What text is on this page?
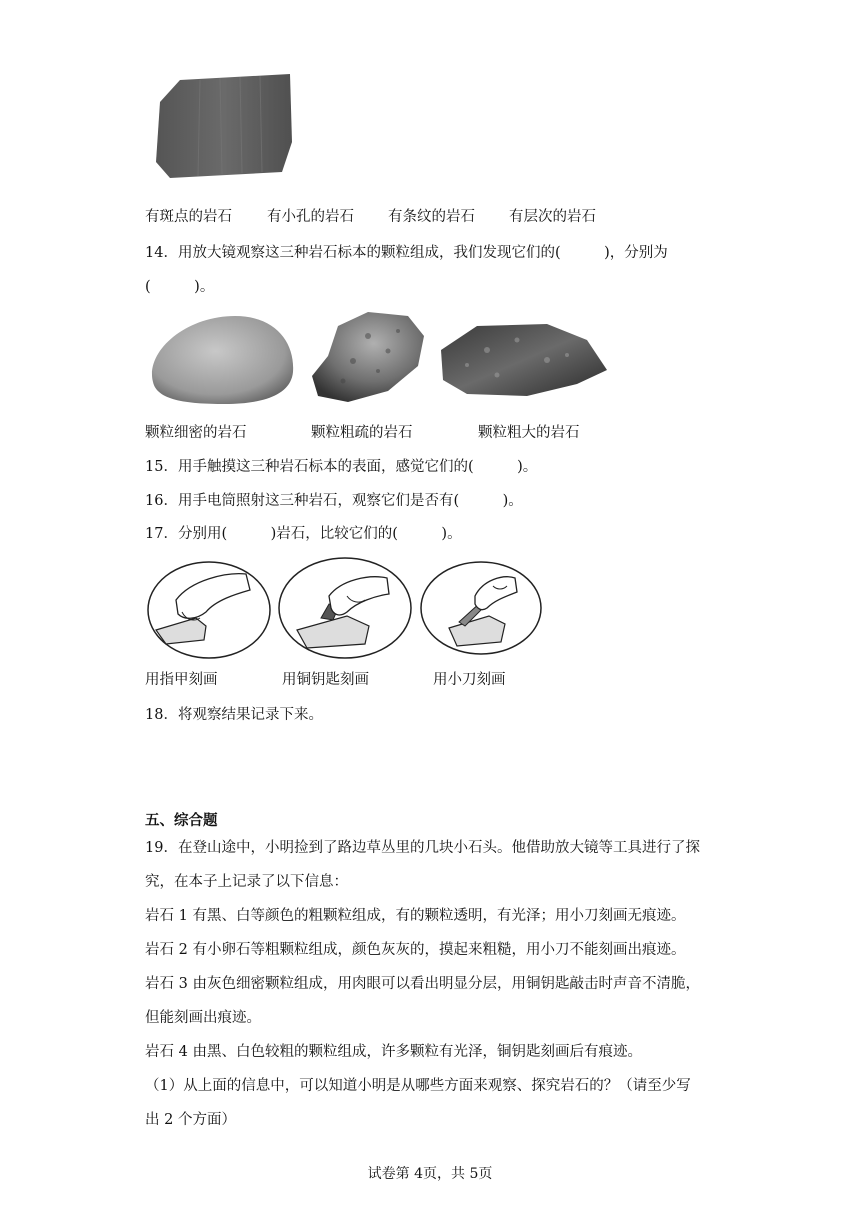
有斑点的岩石 有小孔的岩石 有条纹的岩石 有层次的岩石
14．用放大镜观察这三种岩石标本的颗粒组成，我们发现它们的(　　　)，分别为
(　　　)。
颗粒细密的岩石	颗粒粗疏的岩石	颗粒粗大的岩石
15．用手触摸这三种岩石标本的表面，感觉它们的(　　　)。
16．用手电筒照射这三种岩石，观察它们是否有(　　　)。
17．分别用(　　　)岩石，比较它们的(　　　)。
用指甲刻画	用铜钥匙刻画	用小刀刻画
18．将观察结果记录下来。
五、综合题
19．在登山途中，小明捡到了路边草丛里的几块小石头。他借助放大镜等工具进行了探
究，在本子上记录了以下信息：
岩石 1 有黑、白等颜色的粗颗粒组成，有的颗粒透明，有光泽；用小刀刻画无痕迹。
岩石 2 有小卵石等粗颗粒组成，颜色灰灰的，摸起来粗糙，用小刀不能刻画出痕迹。
岩石 3 由灰色细密颗粒组成，用肉眼可以看出明显分层，用铜钥匙敲击时声音不清脆，
但能刻画出痕迹。
岩石 4 由黑、白色较粗的颗粒组成，许多颗粒有光泽，铜钥匙刻画后有痕迹。
（1）从上面的信息中，可以知道小明是从哪些方面来观察、探究岩石的？（请至少写
出 2 个方面）
试卷第 4页，共 5页
